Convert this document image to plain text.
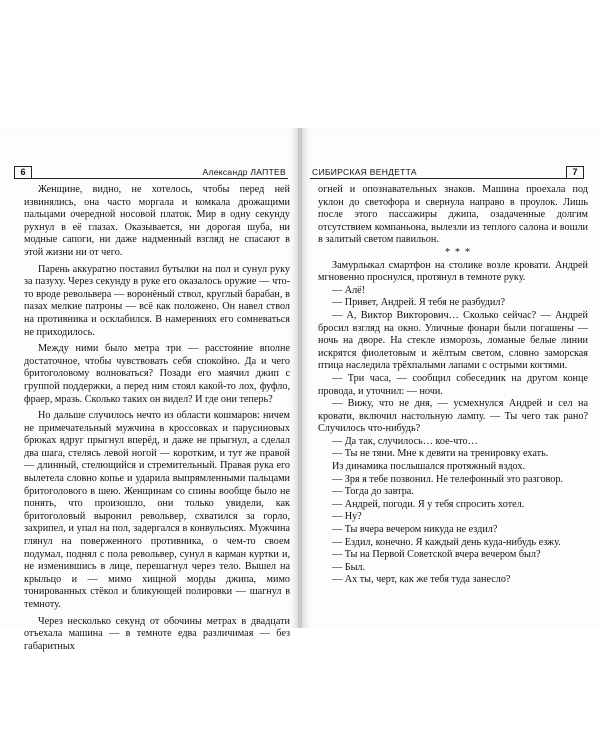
6	Александр ЛАПТЕВ

Женщине, видно, не хотелось, чтобы перед ней извинялись, она часто моргала и комкала дрожащими пальцами очередной носовой платок. Мир в одну секунду рухнул в её глазах. Оказывается, ни дорогая шуба, ни модные сапоги, ни даже надменный взгляд не спасают в этой жизни ни от чего.

Парень аккуратно поставил бутылки на пол и сунул руку за пазуху. Через секунду в руке его оказалось оружие — что-то вроде револьвера — воронёный ствол, круглый барабан, в пазах мелкие патроны — всё как положено. Он навел ствол на противника и осклабился. В намерениях его сомневаться не приходилось.

Между ними было метра три — расстояние вполне достаточное, чтобы чувствовать себя спокойно. Да и чего бритоголовому волноваться? Позади его маячил джип с группой поддержки, а перед ним стоял какой-то лох, фуфло, фраер, мразь. Сколько таких он видел? И где они теперь?

Но дальше случилось нечто из области кошмаров: ничем не примечательный мужчина в кроссовках и парусиновых брюках вдруг прыгнул вперёд, и даже не прыгнул, а сделал два шага, стелясь левой ногой — коротким, и тут же правой — длинный, стелющийся и стремительный. Правая рука его вылетела словно копье и ударила выпрямленными пальцами бритоголового в шею. Женщинам со спины вообще было не понять, что произошло, они только увидели, как бритоголовый выронил револьвер, схватился за горло, захрипел, и упал на пол, задергался в конвульсиях. Мужчина глянул на поверженного противника, о чем-то своем подумал, поднял с пола револьвер, сунул в карман куртки и, не изменившись в лице, перешагнул через тело. Вышел на крыльцо и — мимо хищной морды джипа, мимо тонированных стёкол и бликующей полировки — шагнул в темноту.

Через несколько секунд от обочины метрах в двадцати отъехала машина — в темноте едва различимая — без габаритных

СИБИРСКАЯ ВЕНДЕТТА	7

огней и опознавательных знаков. Машина проехала под уклон до светофора и свернула направо в проулок. Лишь после этого пассажиры джипа, озадаченные долгим отсутствием компаньона, вылезли из теплого салона и вошли в залитый светом павильон.

***

Замурлыкал смартфон на столике возле кровати. Андрей мгновенно проснулся, протянул в темноте руку.

— Алё!

— Привет, Андрей. Я тебя не разбудил?

— А, Виктор Викторович… Сколько сейчас? — Андрей бросил взгляд на окно. Уличные фонари были погашены — ночь на дворе. На стекле изморозь, ломаные белые линии искрятся фиолетовым и жёлтым светом, словно заморская птица наследила трёхпалыми лапами с острыми когтями.

— Три часа, — сообщил собеседник на другом конце провода, и уточнил: — ночи.

— Вижу, что не дня, — усмехнулся Андрей и сел на кровати, включил настольную лампу. — Ты чего так рано? Случилось что-нибудь?

— Да так, случилось… кое-что…

— Ты не тяни. Мне к девяти на тренировку ехать.

Из динамика послышался протяжный вздох.

— Зря я тебе позвонил. Не телефонный это разговор.

— Тогда до завтра.

— Андрей, погоди. Я у тебя спросить хотел.

— Ну?

— Ты вчера вечером никуда не ездил?

— Ездил, конечно. Я каждый день куда-нибудь езжу.

— Ты на Первой Советской вчера вечером был?

— Был.

— Ах ты, черт, как же тебя туда занесло?
